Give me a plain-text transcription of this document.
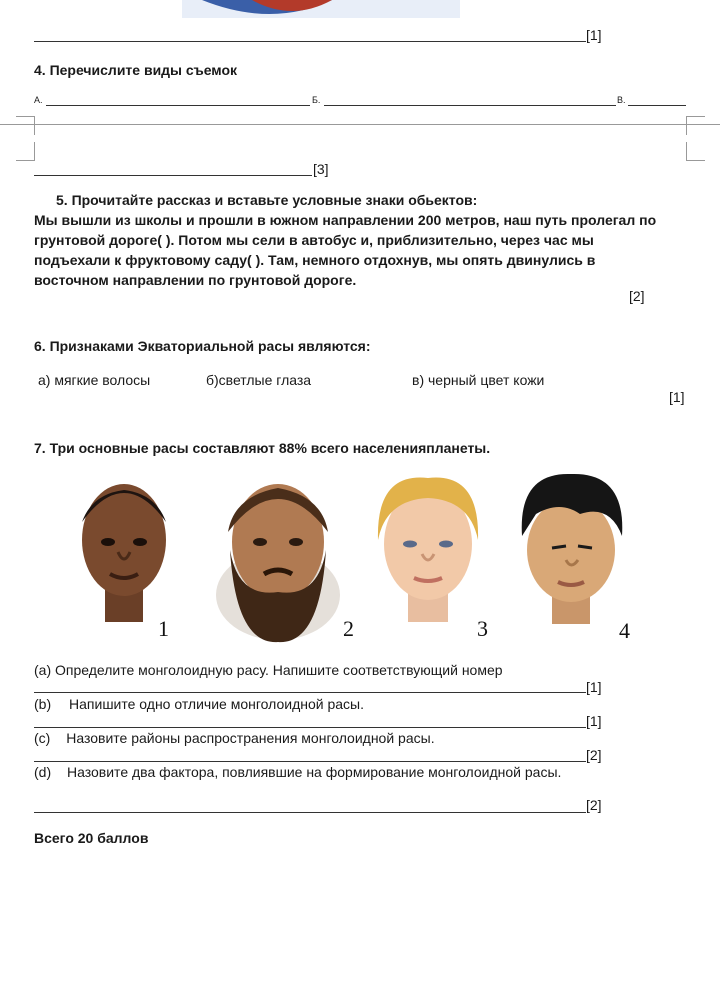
[1]
4. Перечислите виды съемок
А.	Б.	В.
[3]
5. Прочитайте рассказ и вставьте условные знаки обьектов:
Мы вышли из школы и прошли в южном направлении 200 метров, наш путь пролегал по
грунтовой дороге( ). Потом мы сели в автобус и, приблизительно, через час мы
подъехали к фруктовому саду( ). Там, немного отдохнув, мы опять двинулись в
восточном направлении по грунтовой дороге.
[2]
6. Признаками Экваториальной расы являются:
а) мягкие волосы	б)светлые глаза	в) черный цвет кожи
[1]
7. Три основные расы составляют 88% всего населенияпланеты.
1	2	3	4
(a) Определите монголоидную расу. Напишите соответствующий номер
[1]
(b) Напишите одно отличие монголоидной расы.
[1]
(c) Назовите районы распространения монголоидной расы.
[2]
(d) Назовите два фактора, повлиявшие на формирование монголоидной расы.
[2]
Всего 20 баллов
